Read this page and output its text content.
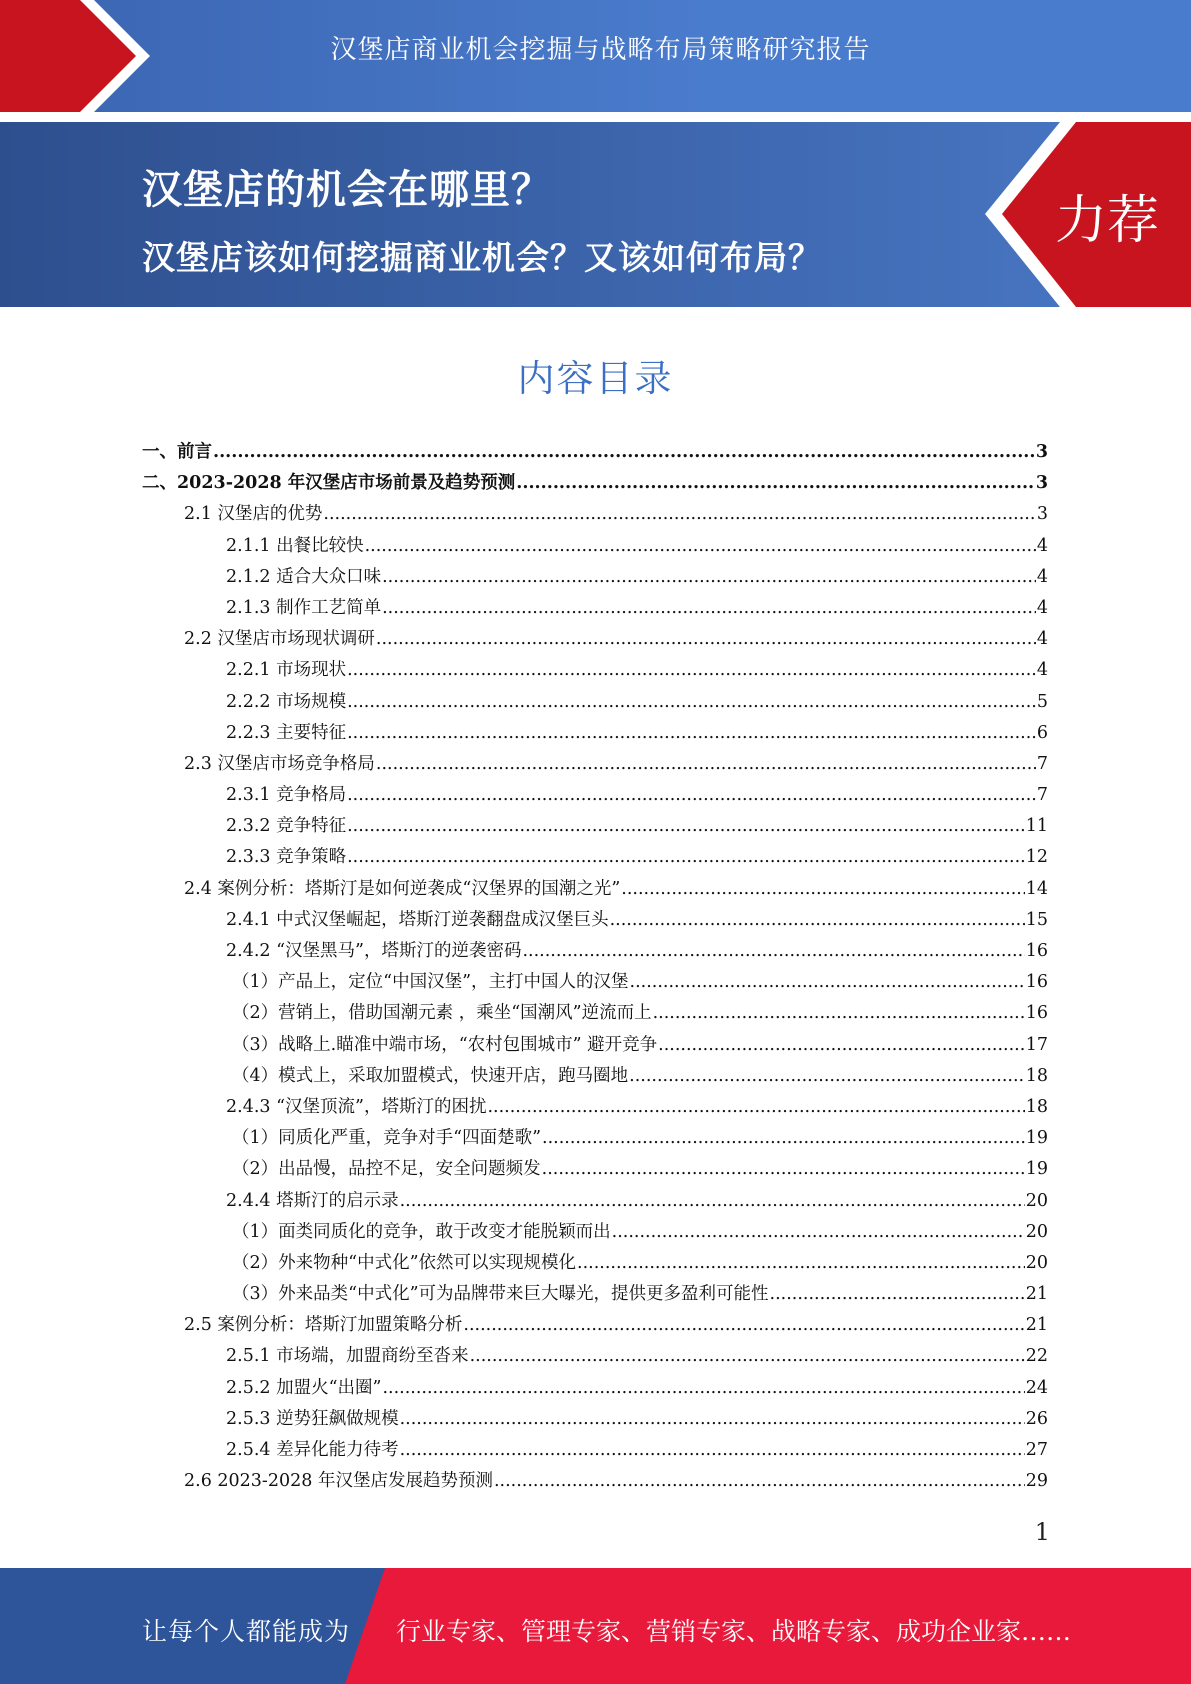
汉堡店商业机会挖掘与战略布局策略研究报告
汉堡店的机会在哪里？
汉堡店该如何挖掘商业机会？又该如何布局？
力荐
内容目录
一、前言 .....	3
二、2023-2028 年汉堡店市场前景及趋势预测 .....	3
2.1 汉堡店的优势 .....	3
2.1.1 出餐比较快 .....	4
2.1.2 适合大众口味 .....	4
2.1.3 制作工艺简单 .....	4
2.2 汉堡店市场现状调研 .....	4
2.2.1 市场现状 .....	4
2.2.2 市场规模 .....	5
2.2.3 主要特征 .....	6
2.3 汉堡店市场竞争格局 .....	7
2.3.1 竞争格局 .....	7
2.3.2 竞争特征 .....	11
2.3.3 竞争策略 .....	12
2.4 案例分析：塔斯汀是如何逆袭成“汉堡界的国潮之光” .....	14
2.4.1 中式汉堡崛起，塔斯汀逆袭翻盘成汉堡巨头 .....	15
2.4.2 “汉堡黑马”，塔斯汀的逆袭密码 .....	16
（1）产品上，定位“中国汉堡”，主打中国人的汉堡 .....	16
（2）营销上，借助国潮元素 ，乘坐“国潮风”逆流而上 .....	16
（3）战略上.瞄准中端市场，“农村包围城市” 避开竞争 .....	17
（4）模式上，采取加盟模式，快速开店，跑马圈地 .....	18
2.4.3 “汉堡顶流”，塔斯汀的困扰 .....	18
（1）同质化严重，竞争对手“四面楚歌” .....	19
（2）出品慢，品控不足，安全问题频发 .....	19
2.4.4 塔斯汀的启示录 .....	20
（1）面类同质化的竞争，敢于改变才能脱颖而出 .....	20
（2）外来物种“中式化”依然可以实现规模化 .....	20
（3）外来品类“中式化”可为品牌带来巨大曝光，提供更多盈利可能性 .....	21
2.5 案例分析：塔斯汀加盟策略分析 .....	21
2.5.1 市场端，加盟商纷至沓来 .....	22
2.5.2 加盟火“出圈” .....	24
2.5.3 逆势狂飙做规模 .....	26
2.5.4 差异化能力待考 .....	27
2.6 2023-2028 年汉堡店发展趋势预测 .....	29
1
让每个人都能成为 行业专家、管理专家、营销专家、战略专家、成功企业家……
